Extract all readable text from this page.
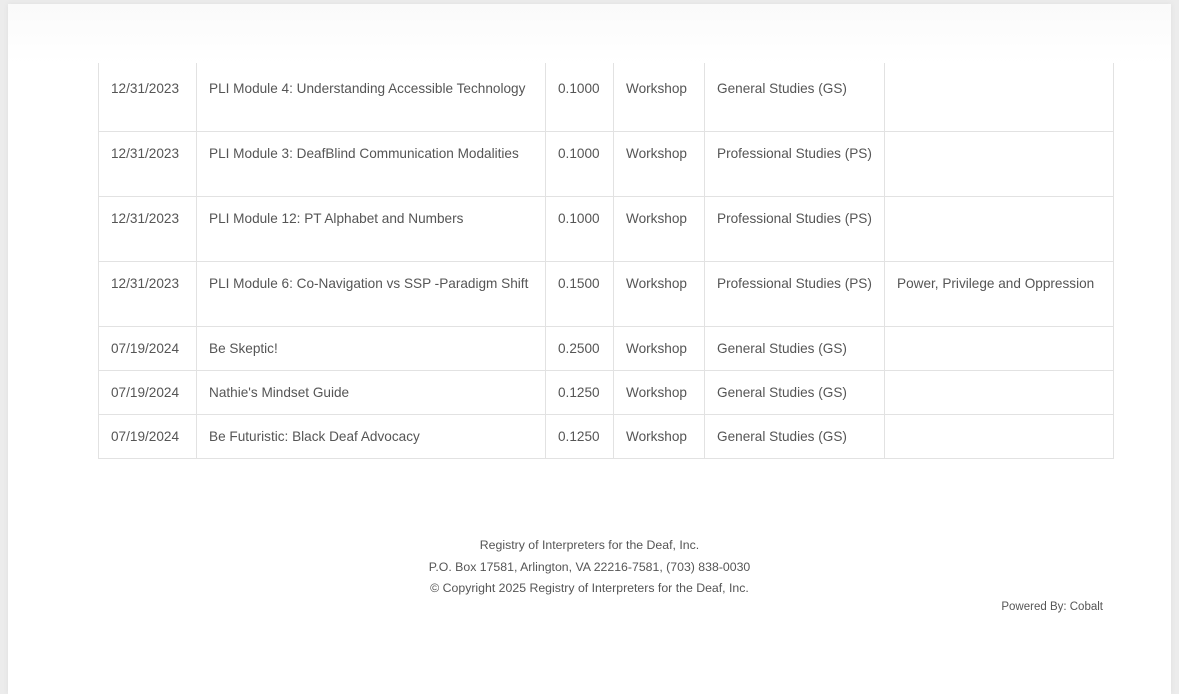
12/31/2023	PLI Module 4: Understanding Accessible Technology	0.1000	Workshop	General Studies (GS)	
12/31/2023	PLI Module 3: DeafBlind Communication Modalities	0.1000	Workshop	Professional Studies (PS)	
12/31/2023	PLI Module 12: PT Alphabet and Numbers	0.1000	Workshop	Professional Studies (PS)	
12/31/2023	PLI Module 6: Co-Navigation vs SSP -Paradigm Shift	0.1500	Workshop	Professional Studies (PS)	Power, Privilege and Oppression
07/19/2024	Be Skeptic!	0.2500	Workshop	General Studies (GS)	
07/19/2024	Nathie's Mindset Guide	0.1250	Workshop	General Studies (GS)	
07/19/2024	Be Futuristic: Black Deaf Advocacy	0.1250	Workshop	General Studies (GS)	
Registry of Interpreters for the Deaf, Inc.
P.O. Box 17581, Arlington, VA 22216-7581, (703) 838-0030
© Copyright 2025 Registry of Interpreters for the Deaf, Inc.
Powered By: Cobalt
